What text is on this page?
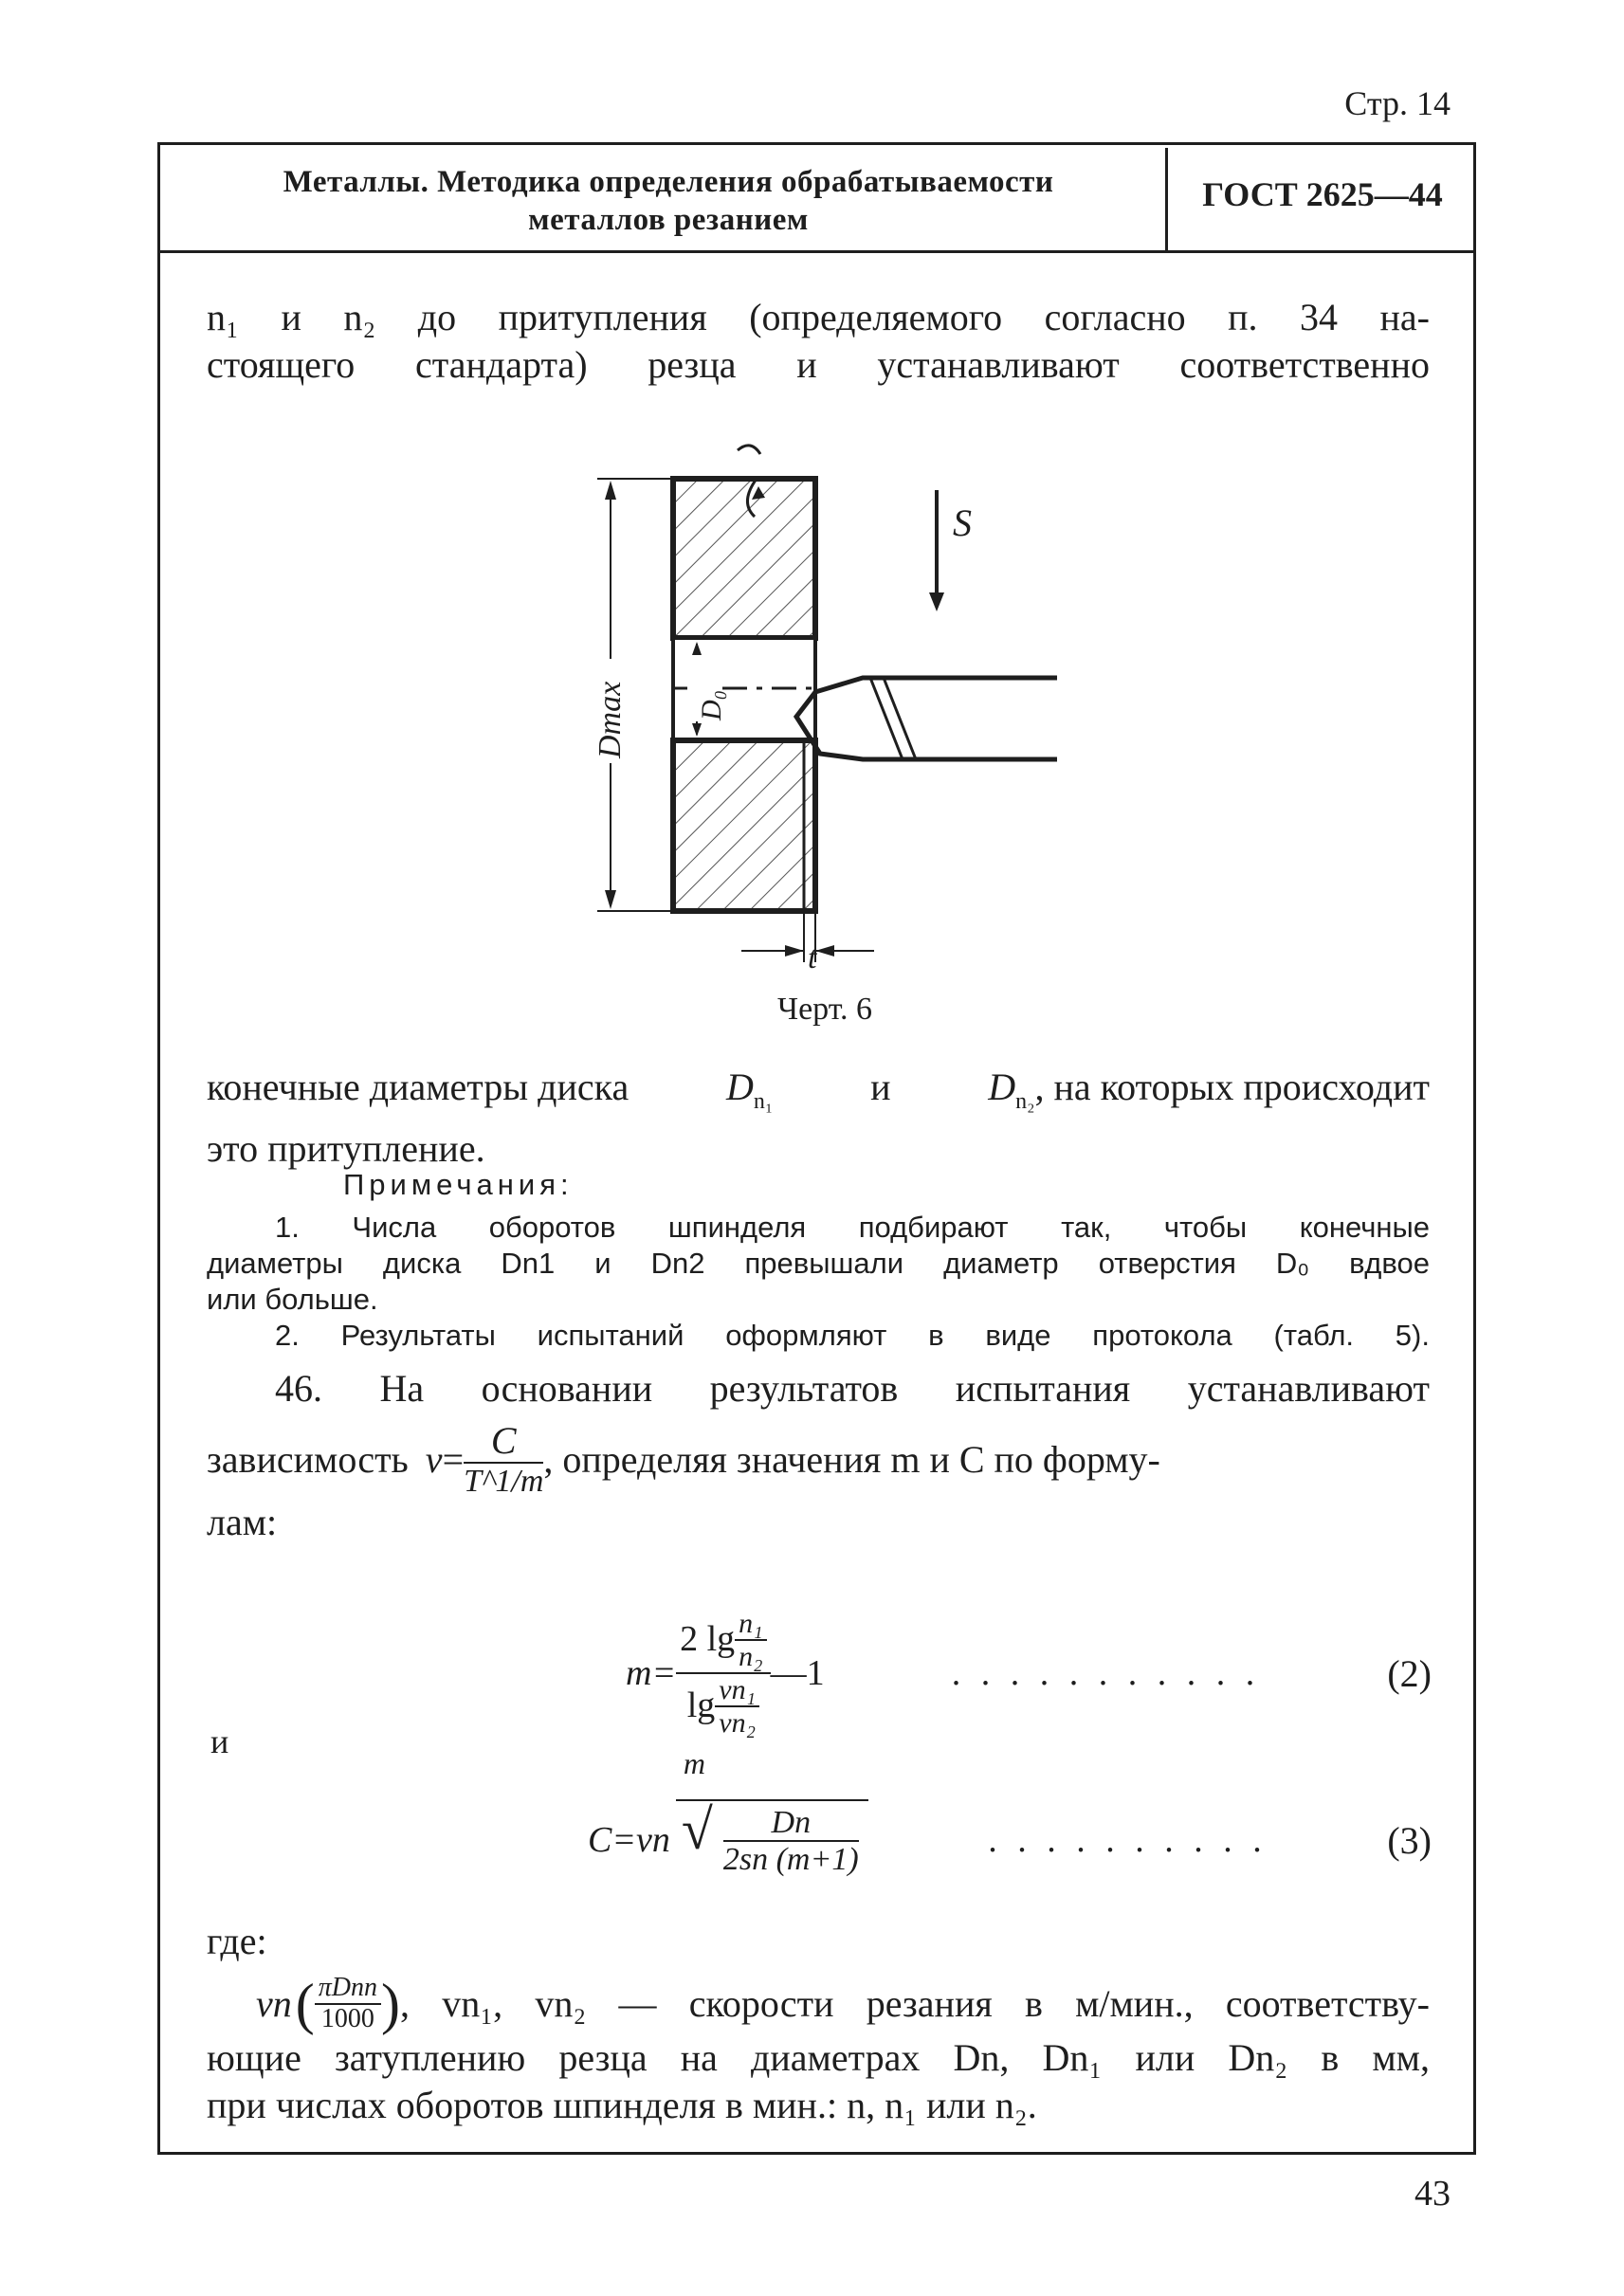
Стр. 14
Металлы. Методика определения обрабатываемости
металлов резанием
ГОСТ 2625—44
n₁ и n₂ до притупления (определяемого согласно п. 34 на-
стоящего стандарта) резца и устанавливают соответственно
S
Dmax D₀
t
Черт. 6
конечные диаметры диска	$D_{n_1}$	и	$D_{n_2}$, на которых происходит
это притупление.
Примечания:
1. Числа оборотов шпинделя подбирают так, чтобы конечные
диаметры диска Dn1 и Dn2 превышали диаметр отверстия D₀ вдвое
или больше.
2. Результаты испытаний оформляют в виде протокола (табл. 5).
46. На основании результатов испытания устанавливают
зависимость $v= \frac{C}{T\^{}1/m}$ , определяя значения m и C по форму-
лам:
$m= \frac{2 \lg \frac{\text{n₁}}{\text{n₂}}}{\lg \frac{\text{vn₁}}{\text{vn₂}}}$ —1	. . . . . . . . . . .	(2)
и
C=vn
m
√ $\frac{Dn}{2sn (m+1)}$	. . . . . . . . . .	(3)
где:
vn ( $\frac{\text{πDnn}}{1000}$ ) , vn₁, vn₂ — скорости резания в м/мин., соответству-
ющие затуплению резца на диаметрах Dn, Dn₁ или Dn₂ в мм,
при числах оборотов шпинделя в мин.: n, n₁ или n₂.
43
